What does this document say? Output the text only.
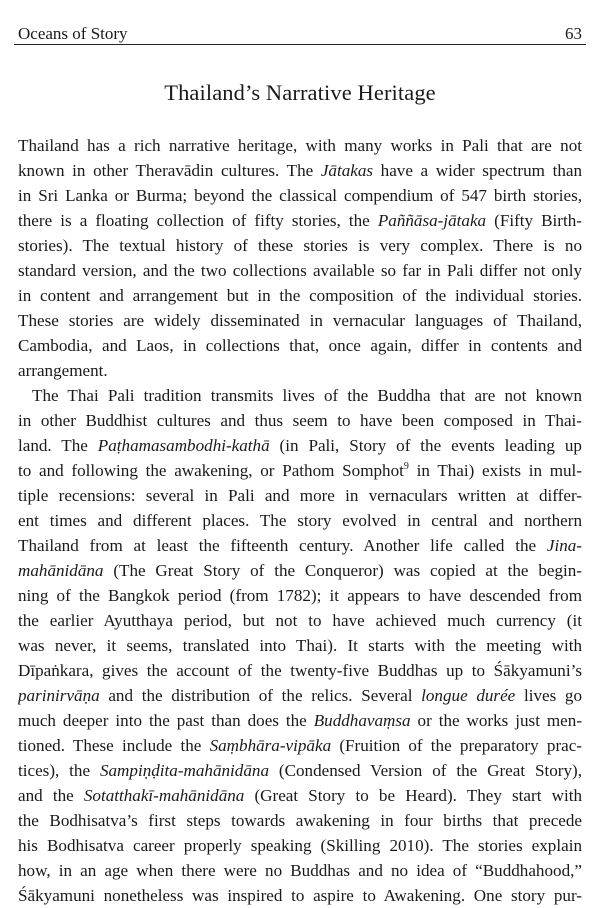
Oceans of Story	63
Thailand’s Narrative Heritage
Thailand has a rich narrative heritage, with many works in Pali that are not
known in other Theravādin cultures. The Jātakas have a wider spectrum than
in Sri Lanka or Burma; beyond the classical compendium of 547 birth stories,
there is a floating collection of fifty stories, the Paññāsa-jātaka (Fifty Birth-
stories). The textual history of these stories is very complex. There is no
standard version, and the two collections available so far in Pali differ not only
in content and arrangement but in the composition of the individual stories.
These stories are widely disseminated in vernacular languages of Thailand,
Cambodia, and Laos, in collections that, once again, differ in contents and
arrangement.
The Thai Pali tradition transmits lives of the Buddha that are not known
in other Buddhist cultures and thus seem to have been composed in Thai-
land. The Paṭhamasambodhi-kathā (in Pali, Story of the events leading up
to and following the awakening, or Pathom Somphot$^9$ in Thai) exists in mul-
tiple recensions: several in Pali and more in vernaculars written at differ-
ent times and different places. The story evolved in central and northern
Thailand from at least the fifteenth century. Another life called the Jina-
mahānidāna (The Great Story of the Conqueror) was copied at the begin-
ning of the Bangkok period (from 1782); it appears to have descended from
the earlier Ayutthaya period, but not to have achieved much currency (it
was never, it seems, translated into Thai). It starts with the meeting with
Dīpaṅkara, gives the account of the twenty-five Buddhas up to Śākyamuni’s
parinirvāṇa and the distribution of the relics. Several longue durée lives go
much deeper into the past than does the Buddhavaṃsa or the works just men-
tioned. These include the Saṃbhāra-vipāka (Fruition of the preparatory prac-
tices), the Sampiṇḍita-mahānidāna (Condensed Version of the Great Story),
and the Sotatthakī-mahānidāna (Great Story to be Heard). They start with
the Bodhisatva’s first steps towards awakening in four births that precede
his Bodhisatva career properly speaking (Skilling 2010). The stories explain
how, in an age when there were no Buddhas and no idea of “Buddhahood,”
Śākyamuni nonetheless was inspired to aspire to Awakening. One story pur-
